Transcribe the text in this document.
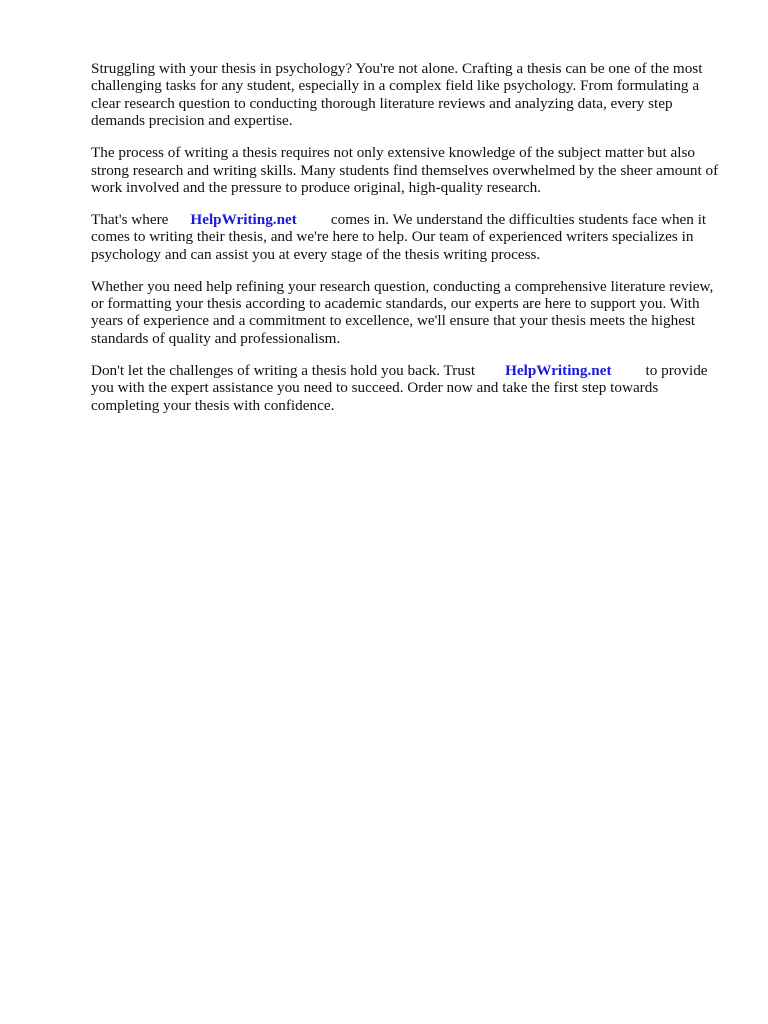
Struggling with your thesis in psychology? You're not alone. Crafting a thesis can be one of the most challenging tasks for any student, especially in a complex field like psychology. From formulating a clear research question to conducting thorough literature reviews and analyzing data, every step demands precision and expertise.

The process of writing a thesis requires not only extensive knowledge of the subject matter but also strong research and writing skills. Many students find themselves overwhelmed by the sheer amount of work involved and the pressure to produce original, high-quality research.

That's where HelpWriting.net comes in. We understand the difficulties students face when it comes to writing their thesis, and we're here to help. Our team of experienced writers specializes in psychology and can assist you at every stage of the thesis writing process.

Whether you need help refining your research question, conducting a comprehensive literature review, or formatting your thesis according to academic standards, our experts are here to support you. With years of experience and a commitment to excellence, we'll ensure that your thesis meets the highest standards of quality and professionalism.

Don't let the challenges of writing a thesis hold you back. Trust HelpWriting.net to provide you with the expert assistance you need to succeed. Order now and take the first step towards completing your thesis with confidence.
